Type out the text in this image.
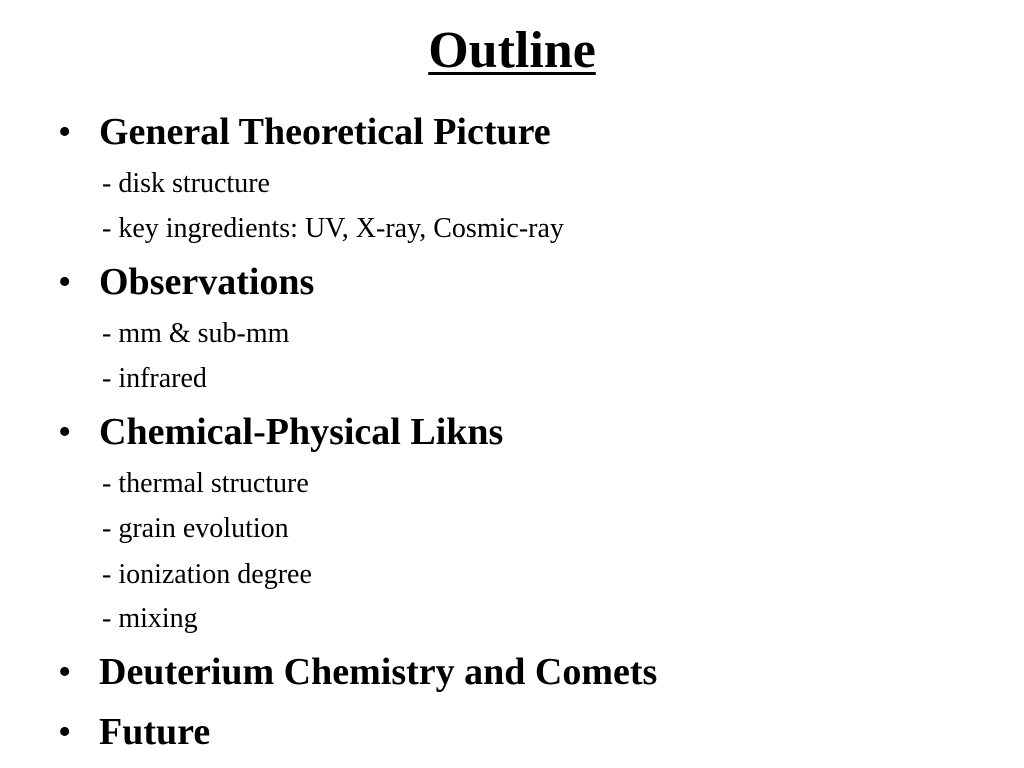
Outline
• General Theoretical Picture
- disk structure
- key ingredients: UV, X-ray, Cosmic-ray
• Observations
- mm & sub-mm
- infrared
• Chemical-Physical Likns
- thermal structure
- grain evolution
- ionization degree
- mixing
• Deuterium Chemistry and Comets
• Future
